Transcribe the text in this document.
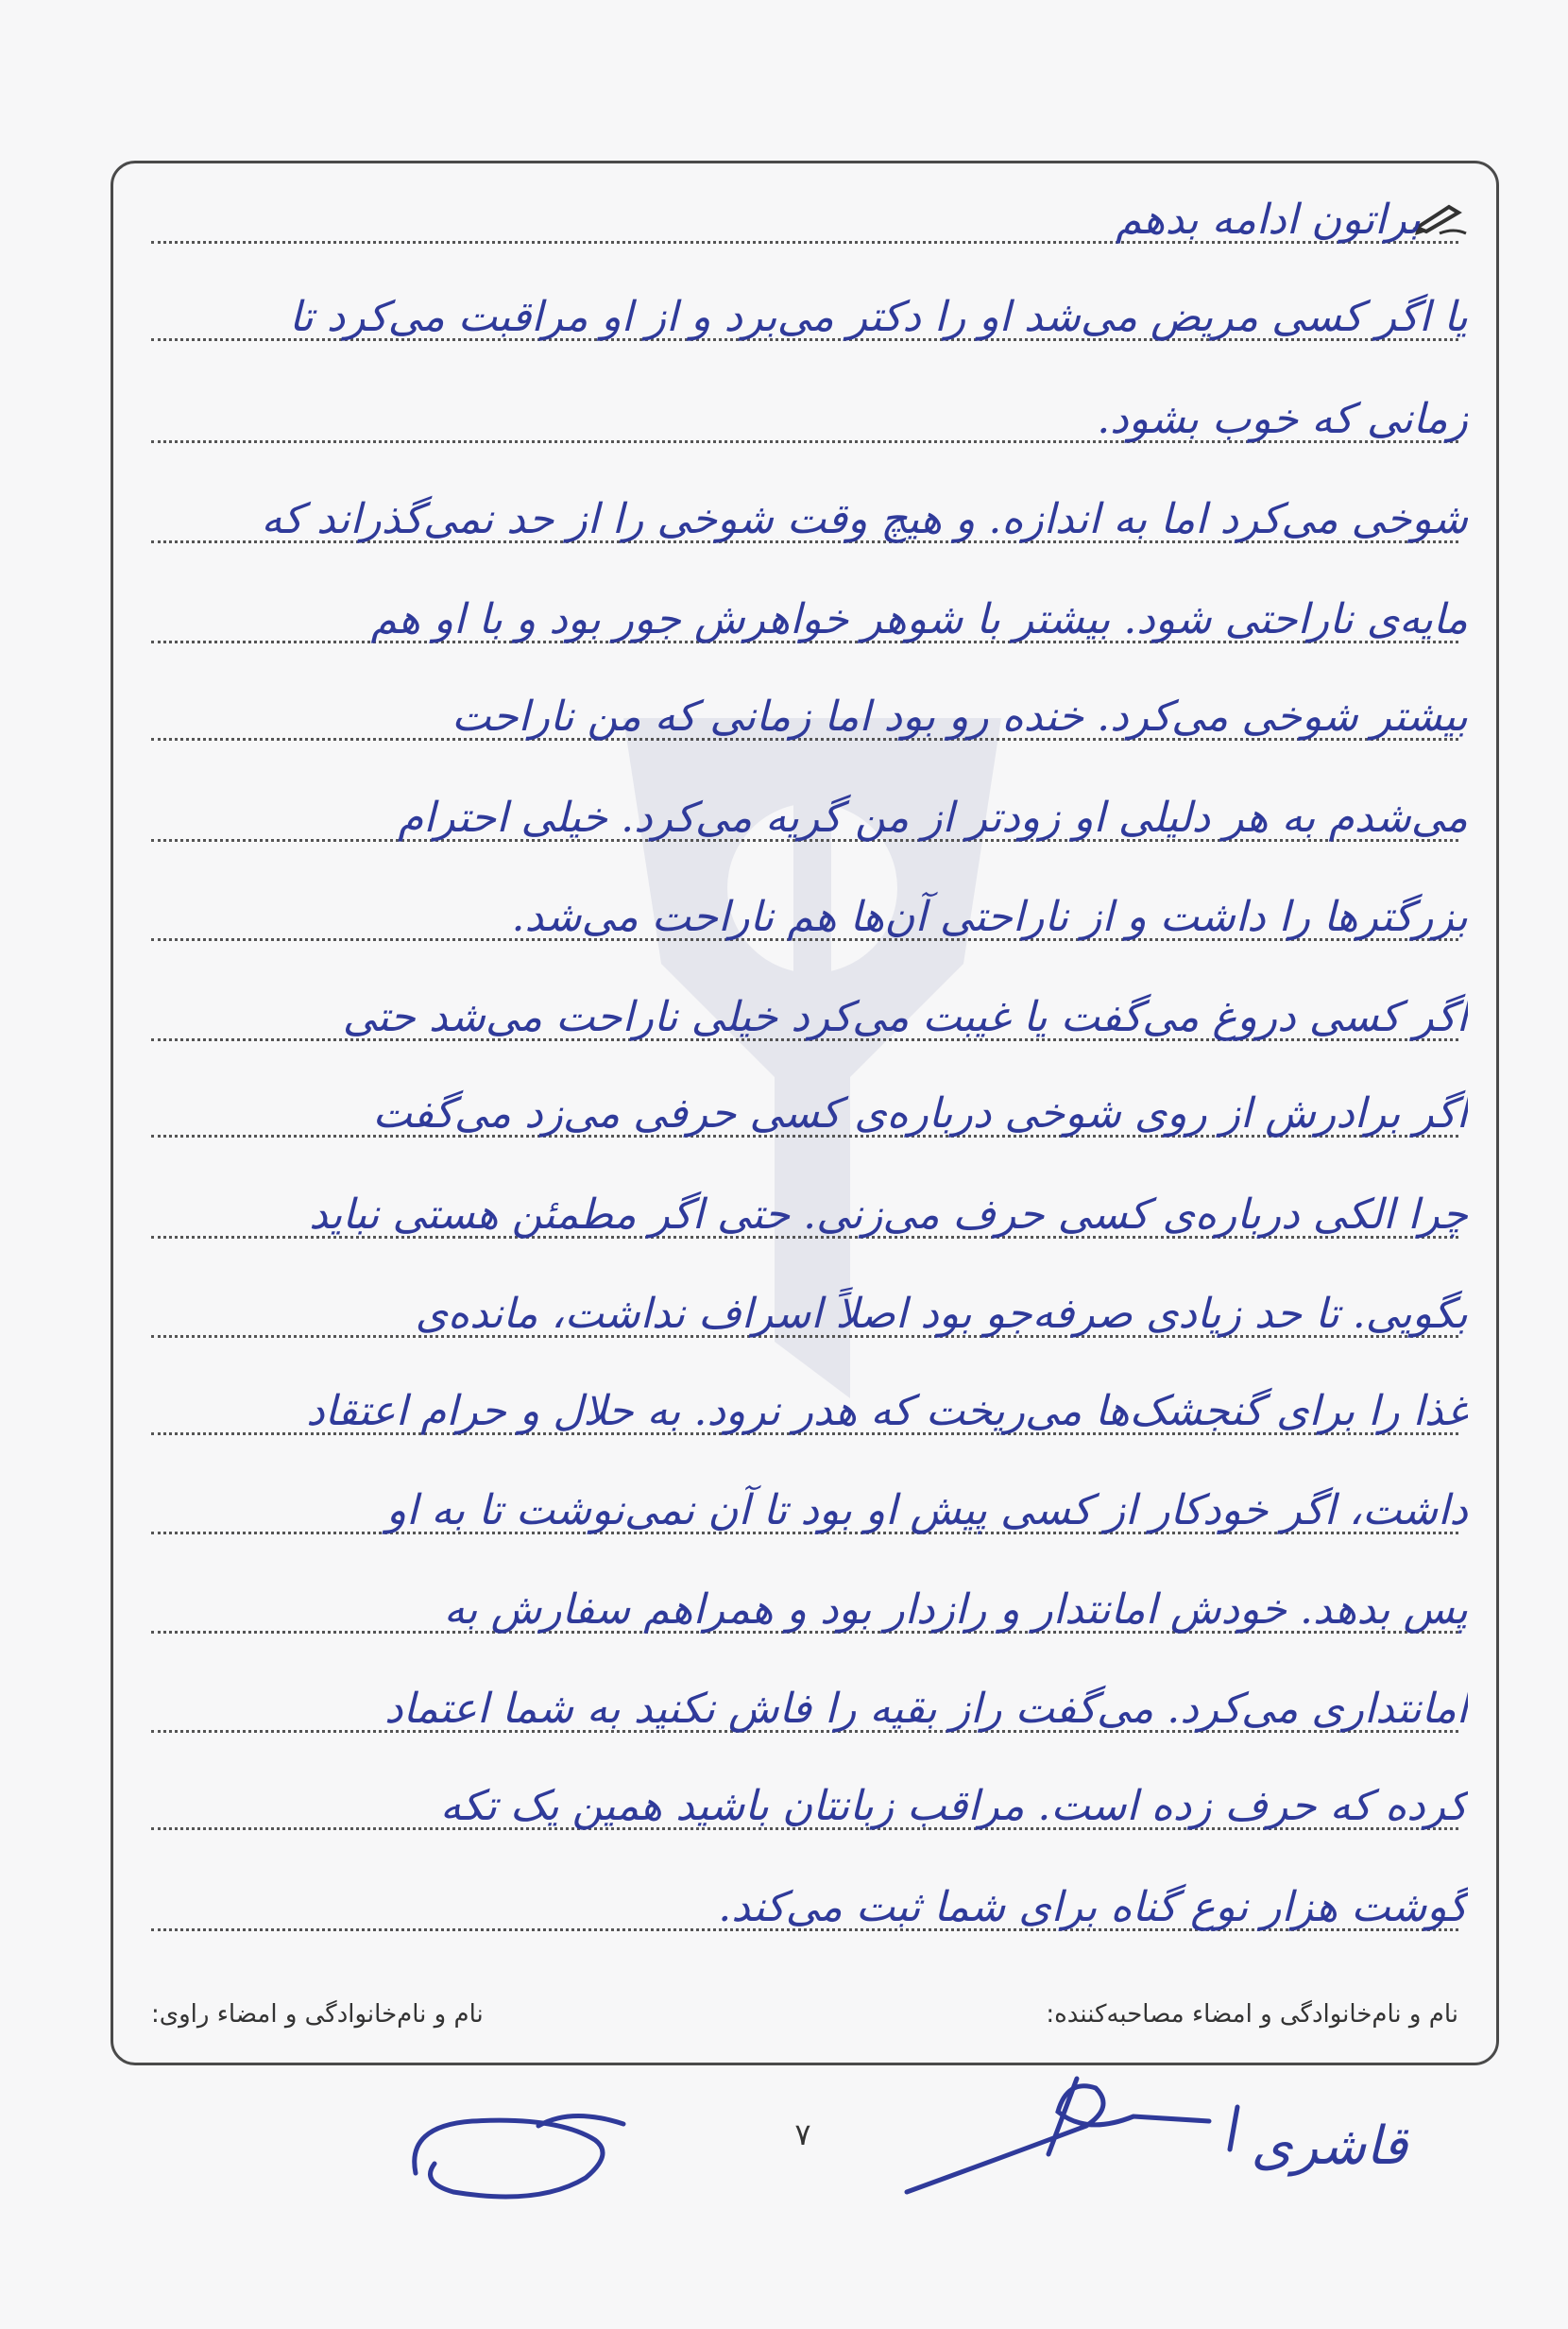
براتون ادامه بدهم
یا اگر کسی مریض می‌شد او را دکتر می‌برد و از او مراقبت می‌کرد تا
زمانی که خوب بشود.
شوخی می‌کرد اما به اندازه. و هیچ وقت شوخی را از حد نمی‌گذراند که
مایه‌ی ناراحتی شود. بیشتر با شوهر خواهرش جور بود و با او هم
بیشتر شوخی می‌کرد. خنده رو بود اما زمانی که من ناراحت
می‌شدم به هر دلیلی او زودتر از من گریه می‌کرد. خیلی احترام
بزرگترها را داشت و از ناراحتی آن‌ها هم ناراحت می‌شد.
اگر کسی دروغ می‌گفت یا غیبت می‌کرد خیلی ناراحت می‌شد حتی
اگر برادرش از روی شوخی درباره‌ی کسی حرفی می‌زد می‌گفت
چرا الکی درباره‌ی کسی حرف می‌زنی. حتی اگر مطمئن هستی نباید
بگویی. تا حد زیادی صرفه‌جو بود اصلاً اسراف نداشت، مانده‌ی
غذا را برای گنجشک‌ها می‌ریخت که هدر نرود. به حلال و حرام اعتقاد
داشت، اگر خودکار از کسی پیش او بود تا آن نمی‌نوشت تا به او
پس بدهد. خودش امانتدار و رازدار بود و همراهم سفارش به
امانتداری می‌کرد. می‌گفت راز بقیه را فاش نکنید به شما اعتماد
کرده که حرف زده است. مراقب زبانتان باشید همین یک تکه
گوشت هزار نوع گناه برای شما ثبت می‌کند.
نام و نام‌خانوادگی و امضاء مصاحبه‌کننده:
نام و نام‌خانوادگی و امضاء راوی:
۷	قاشری
